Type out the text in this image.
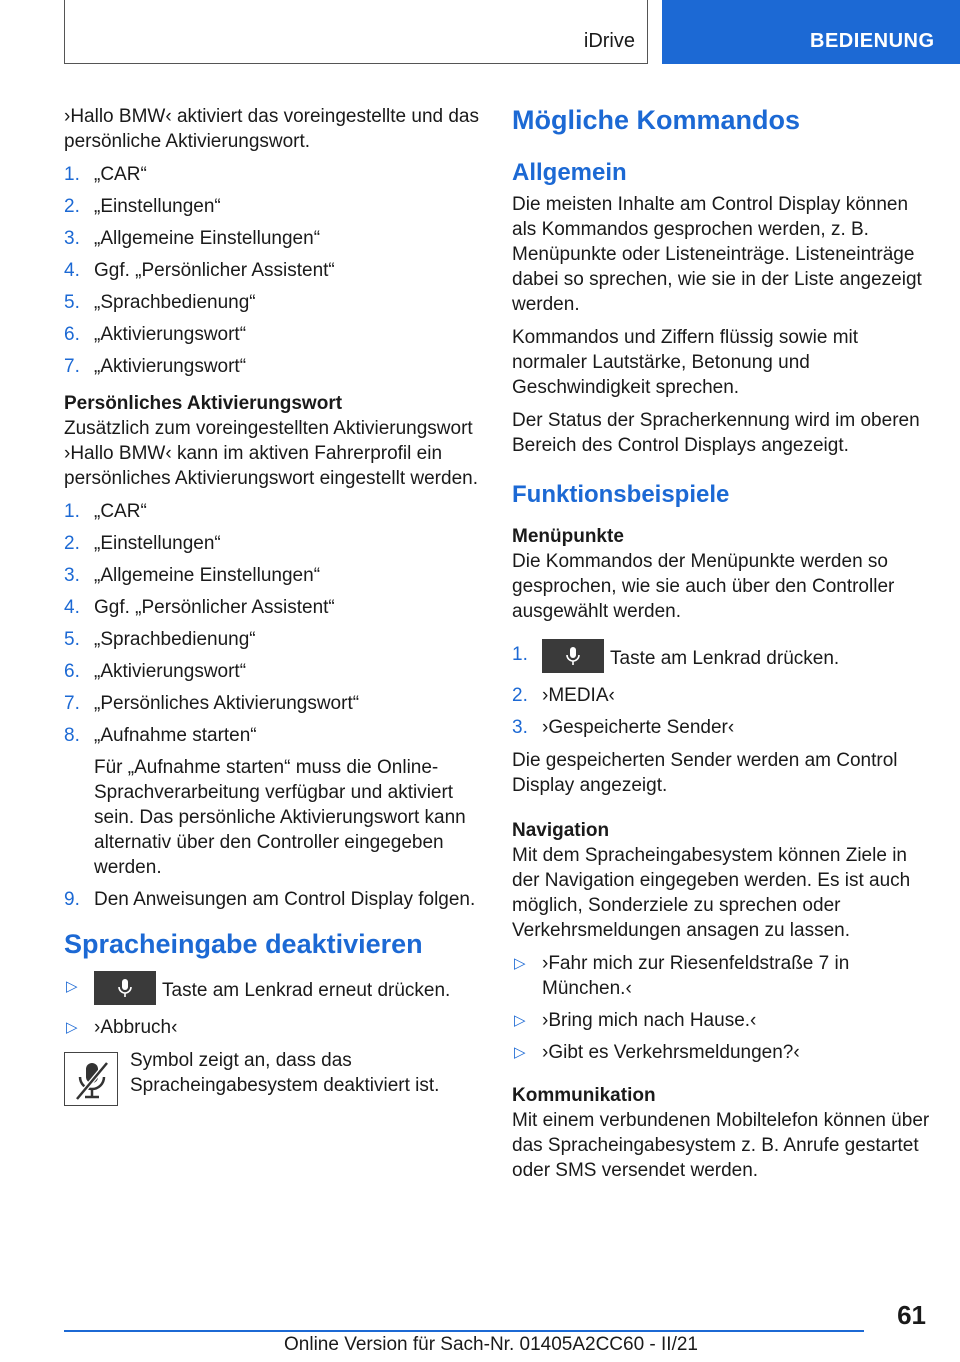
iDrive	BEDIENUNG

›Hallo BMW‹ aktiviert das voreingestellte und das persönliche Aktivierungswort.

1. „CAR“
2. „Einstellungen“
3. „Allgemeine Einstellungen“
4. Ggf. „Persönlicher Assistent“
5. „Sprachbedienung“
6. „Aktivierungswort“
7. „Aktivierungswort“
Persönliches Aktivierungswort

Zusätzlich zum voreingestellten Aktivierungswort ›Hallo BMW‹ kann im aktiven Fahrerprofil ein persönliches Aktivierungswort eingestellt werden.

1. „CAR“
2. „Einstellungen“
3. „Allgemeine Einstellungen“
4. Ggf. „Persönlicher Assistent“
5. „Sprachbedienung“
6. „Aktivierungswort“
7. „Persönliches Aktivierungswort“
8. „Aufnahme starten“
Für „Aufnahme starten“ muss die Online-Sprachverarbeitung verfügbar und aktiviert sein. Das persönliche Aktivierungswort kann alternativ über den Controller eingegeben werden.
9. Den Anweisungen am Control Display folgen.
Spracheingabe deaktivieren
▷	Taste am Lenkrad erneut drücken.
▷ ›Abbruch‹
Symbol zeigt an, dass das Spracheingabesystem deaktiviert ist.
Mögliche Kommandos
Allgemein

Die meisten Inhalte am Control Display können als Kommandos gesprochen werden, z. B. Menüpunkte oder Listeneinträge. Listeneinträge dabei so sprechen, wie sie in der Liste angezeigt werden.

Kommandos und Ziffern flüssig sowie mit normaler Lautstärke, Betonung und Geschwindigkeit sprechen.

Der Status der Spracherkennung wird im oberen Bereich des Control Displays angezeigt.

Funktionsbeispiele
Menüpunkte

Die Kommandos der Menüpunkte werden so gesprochen, wie sie auch über den Controller ausgewählt werden.

1.	Taste am Lenkrad drücken.
2. ›MEDIA‹
3. ›Gespeicherte Sender‹

Die gespeicherten Sender werden am Control Display angezeigt.

Navigation

Mit dem Spracheingabesystem können Ziele in der Navigation eingegeben werden. Es ist auch möglich, Sonderziele zu sprechen oder Verkehrsmeldungen ansagen zu lassen.

▷ ›Fahr mich zur Riesenfeldstraße 7 in München.‹
▷ ›Bring mich nach Hause.‹
▷ ›Gibt es Verkehrsmeldungen?‹
Kommunikation

Mit einem verbundenen Mobiltelefon können über das Spracheingabesystem z. B. Anrufe gestartet oder SMS versendet werden.

61
Online Version für Sach-Nr. 01405A2CC60 - II/21
